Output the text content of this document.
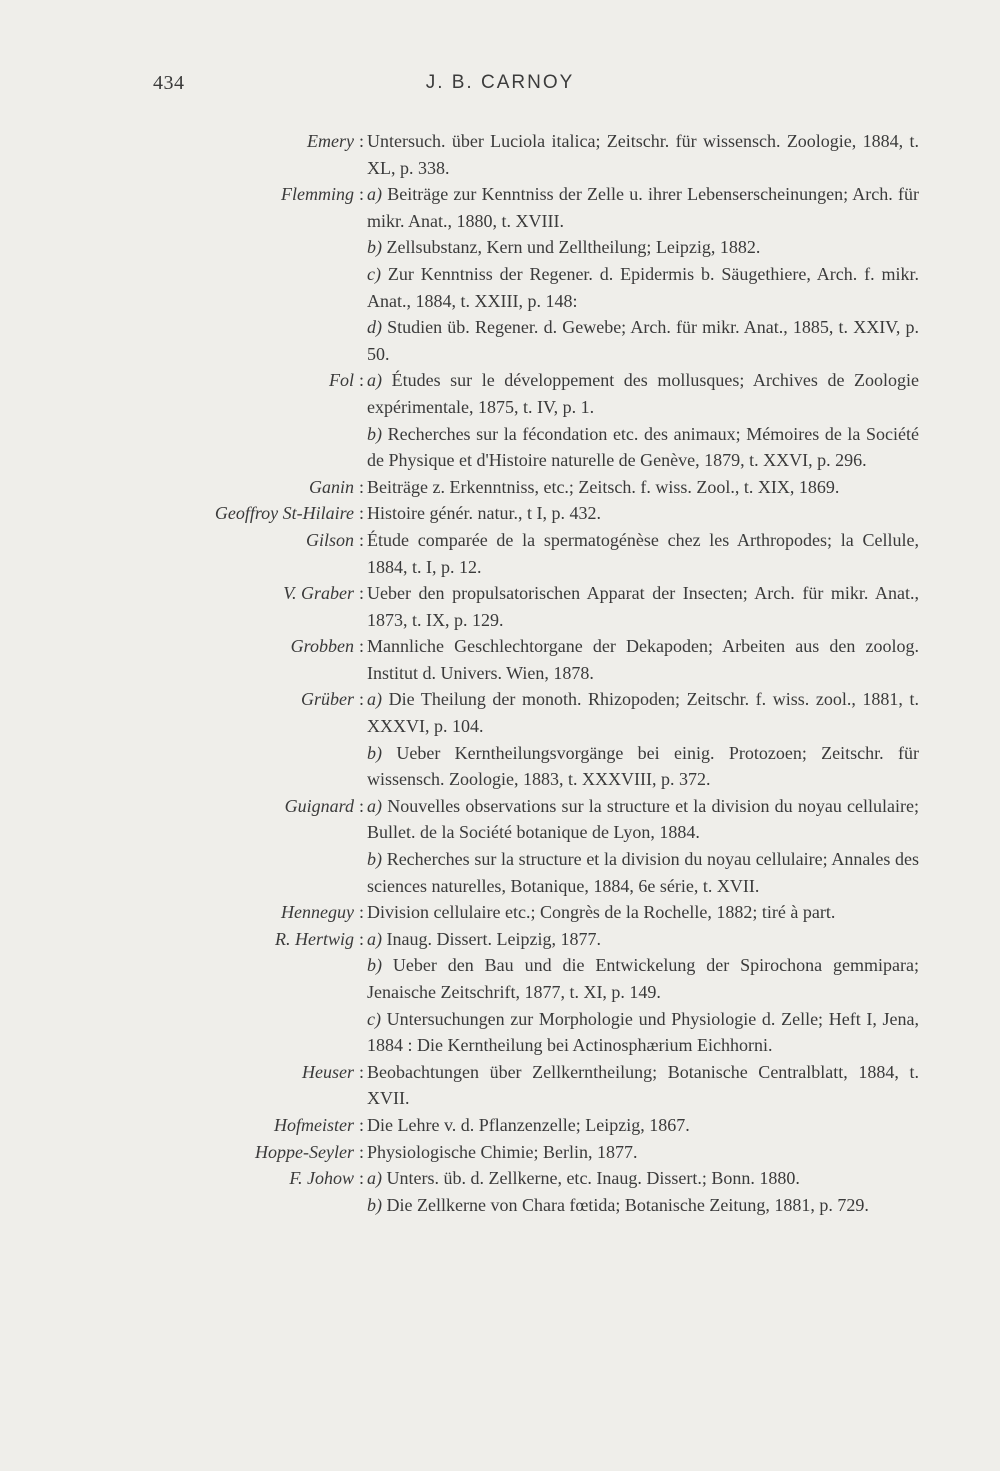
434	J. B. CARNOY
Emery : Untersuch. über Luciola italica; Zeitschr. für wissensch. Zoologie, 1884, t. XL, p. 338.
Flemming : a) Beiträge zur Kenntniss der Zelle u. ihrer Lebenserscheinungen; Arch. für mikr. Anat., 1880, t. XVIII.
b) Zellsubstanz, Kern und Zelltheilung; Leipzig, 1882.
c) Zur Kenntniss der Regener. d. Epidermis b. Säugethiere, Arch. f. mikr. Anat., 1884, t. XXIII, p. 148:
d) Studien üb. Regener. d. Gewebe; Arch. für mikr. Anat., 1885, t. XXIV, p. 50.
Fol : a) Études sur le développement des mollusques; Archives de Zoologie expérimentale, 1875, t. IV, p. 1.
b) Recherches sur la fécondation etc. des animaux; Mémoires de la Société de Physique et d'Histoire naturelle de Genève, 1879, t. XXVI, p. 296.
Ganin : Beiträge z. Erkenntniss, etc.; Zeitsch. f. wiss. Zool., t. XIX, 1869.
Geoffroy St-Hilaire : Histoire génér. natur., t I, p. 432.
Gilson : Étude comparée de la spermatogénèse chez les Arthropodes; la Cellule, 1884, t. I, p. 12.
V. Graber : Ueber den propulsatorischen Apparat der Insecten; Arch. für mikr. Anat., 1873, t. IX, p. 129.
Grobben : Mannliche Geschlechtorgane der Dekapoden; Arbeiten aus den zoolog. Institut d. Univers. Wien, 1878.
Grüber : a) Die Theilung der monoth. Rhizopoden; Zeitschr. f. wiss. zool., 1881, t. XXXVI, p. 104.
b) Ueber Kerntheilungsvorgänge bei einig. Protozoen; Zeitschr. für wissensch. Zoologie, 1883, t. XXXVIII, p. 372.
Guignard : a) Nouvelles observations sur la structure et la division du noyau cellulaire; Bullet. de la Société botanique de Lyon, 1884.
b) Recherches sur la structure et la division du noyau cellulaire; Annales des sciences naturelles, Botanique, 1884, 6e série, t. XVII.
Henneguy : Division cellulaire etc.; Congrès de la Rochelle, 1882; tiré à part.
R. Hertwig : a) Inaug. Dissert. Leipzig, 1877.
b) Ueber den Bau und die Entwickelung der Spirochona gemmipara; Jenaische Zeitschrift, 1877, t. XI, p. 149.
c) Untersuchungen zur Morphologie und Physiologie d. Zelle; Heft I, Jena, 1884 : Die Kerntheilung bei Actinosphærium Eichhorni.
Heuser : Beobachtungen über Zellkerntheilung; Botanische Centralblatt, 1884, t. XVII.
Hofmeister : Die Lehre v. d. Pflanzenzelle; Leipzig, 1867.
Hoppe-Seyler : Physiologische Chimie; Berlin, 1877.
F. Johow : a) Unters. üb. d. Zellkerne, etc. Inaug. Dissert.; Bonn. 1880.
b) Die Zellkerne von Chara fœtida; Botanische Zeitung, 1881, p. 729.
